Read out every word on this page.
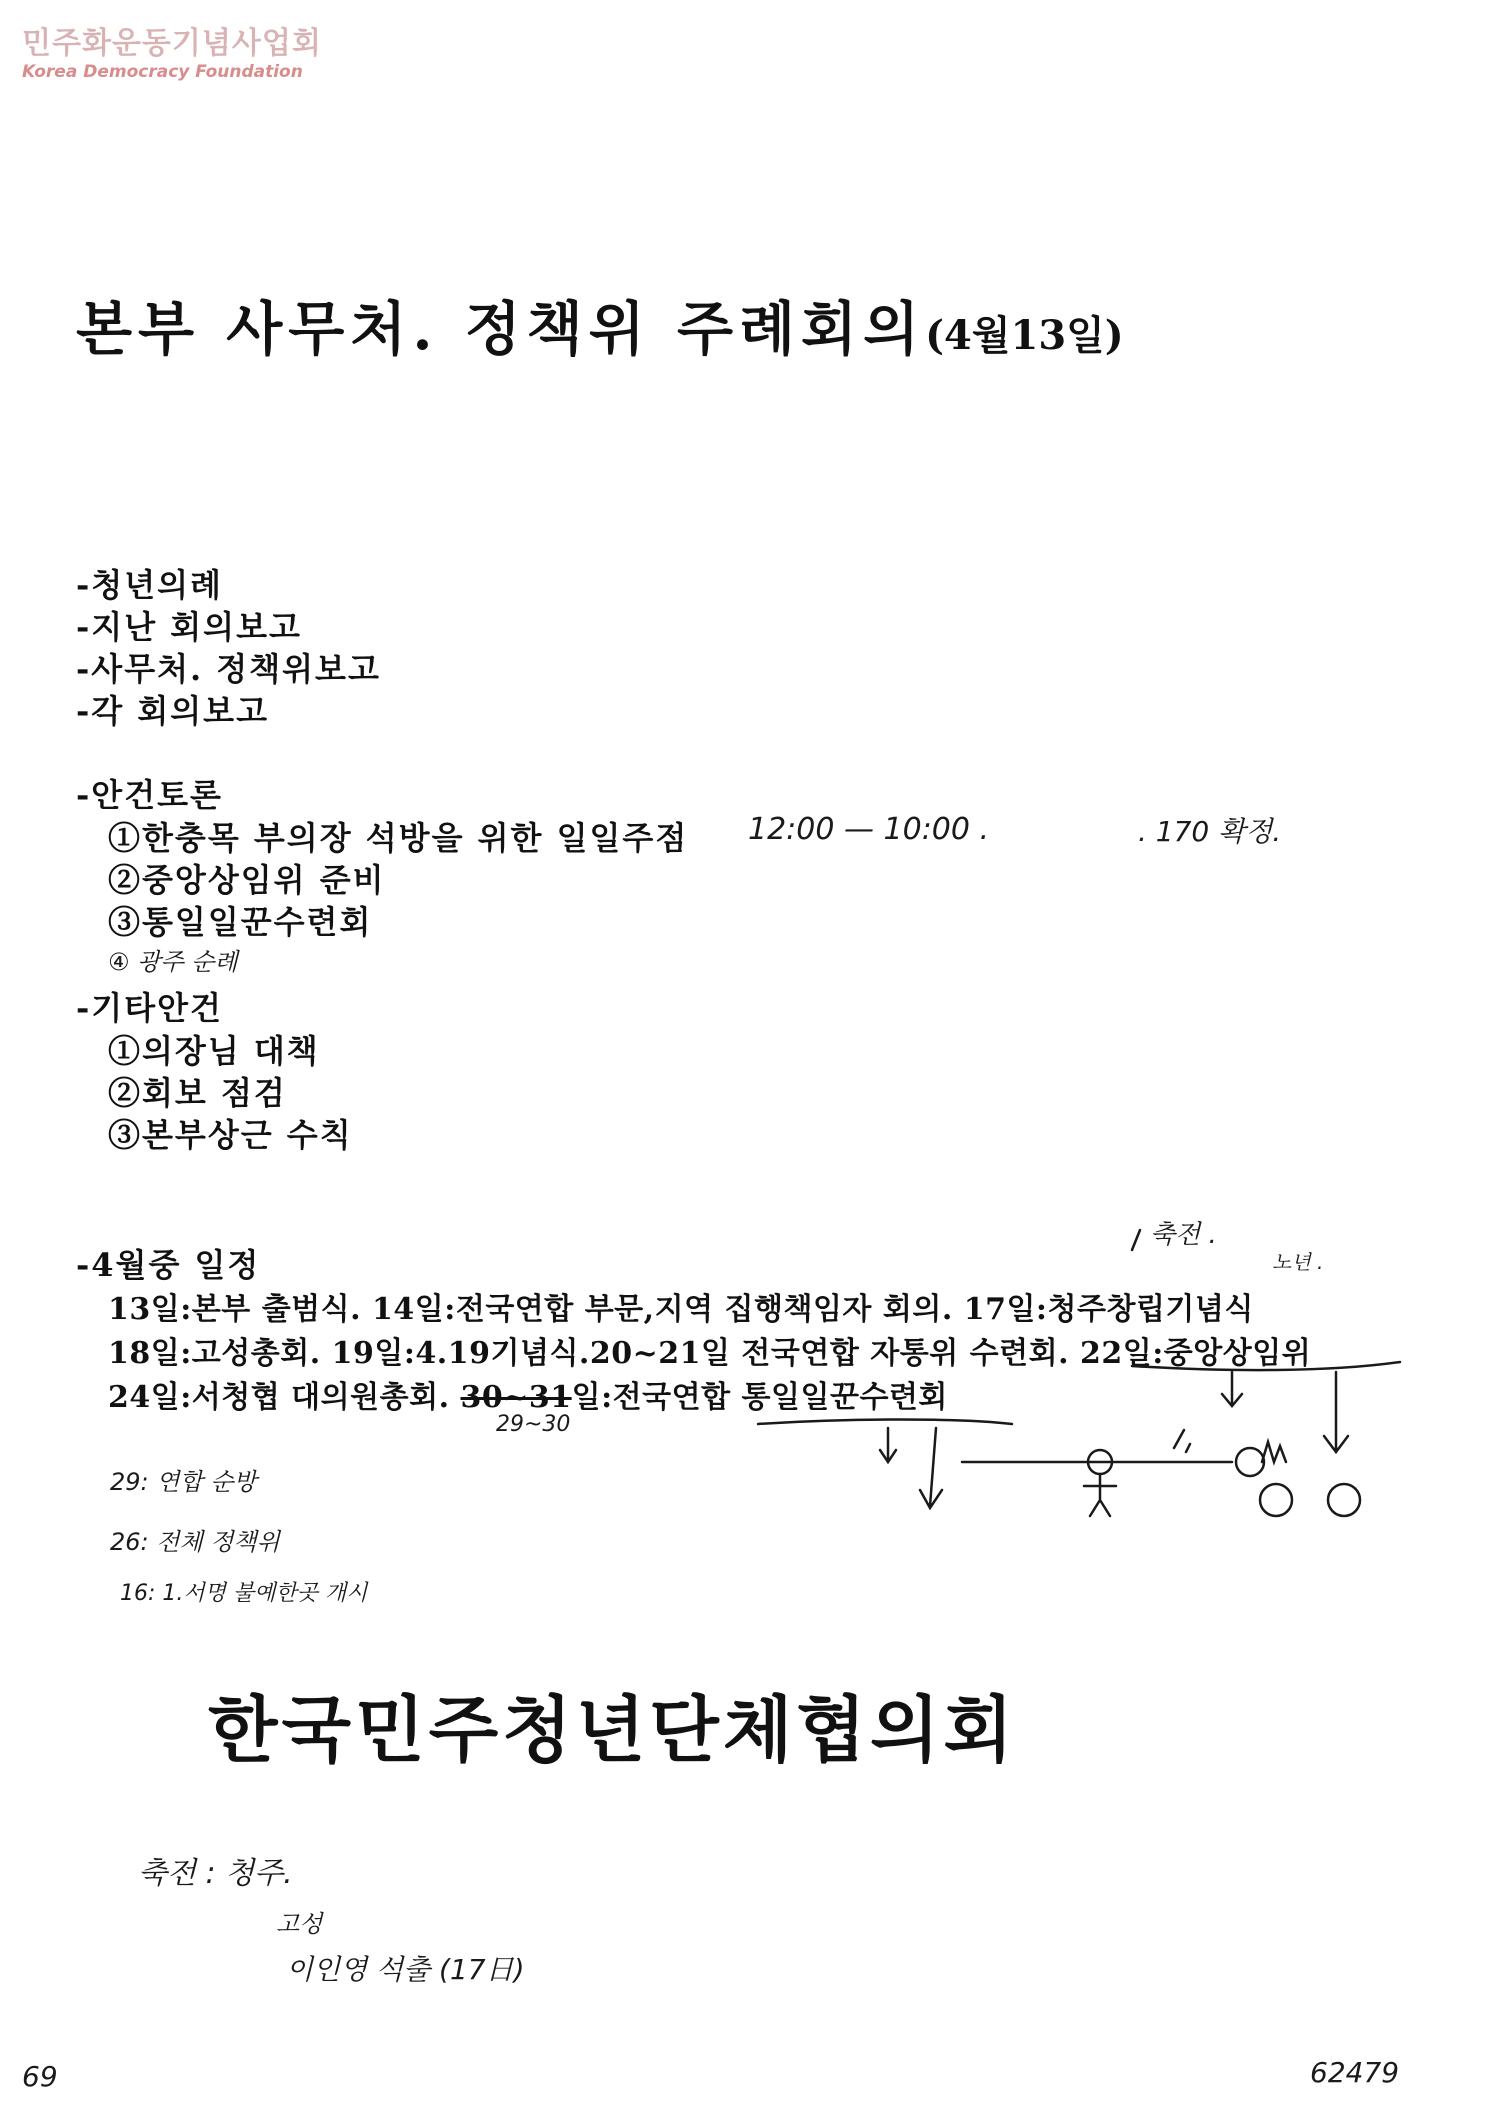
민주화운동기념사업회
Korea Democracy Foundation
본부 사무처. 정책위 주례회의(4월13일)
-청년의례
-지난 회의보고
-사무처. 정책위보고
-각 회의보고
-안건토론
①한충목 부의장 석방을 위한 일일주점
②중앙상임위 준비
③통일일꾼수련회
④ 광주 순례
-기타안건
①의장님 대책
②회보 점검
③본부상근 수칙
-4월중 일정
13일:본부 출범식. 14일:전국연합 부문,지역 집행책임자 회의. 17일:청주창립기념식
18일:고성총회. 19일:4.19기념식.20~21일 전국연합 자통위 수련회. 22일:중앙상임위
24일:서청협 대의원총회. 30~31일:전국연합 통일일꾼수련회
한국민주청년단체협의회
12:00 — 10:00 .	. 170 확정.
축전 .
노년 .
29~30
29: 연합 순방
26: 전체 정책위
16: 1.서명 불예한곳 개시
축전 : 청주.
고성
이인영 석출 (17日)
69	62479
